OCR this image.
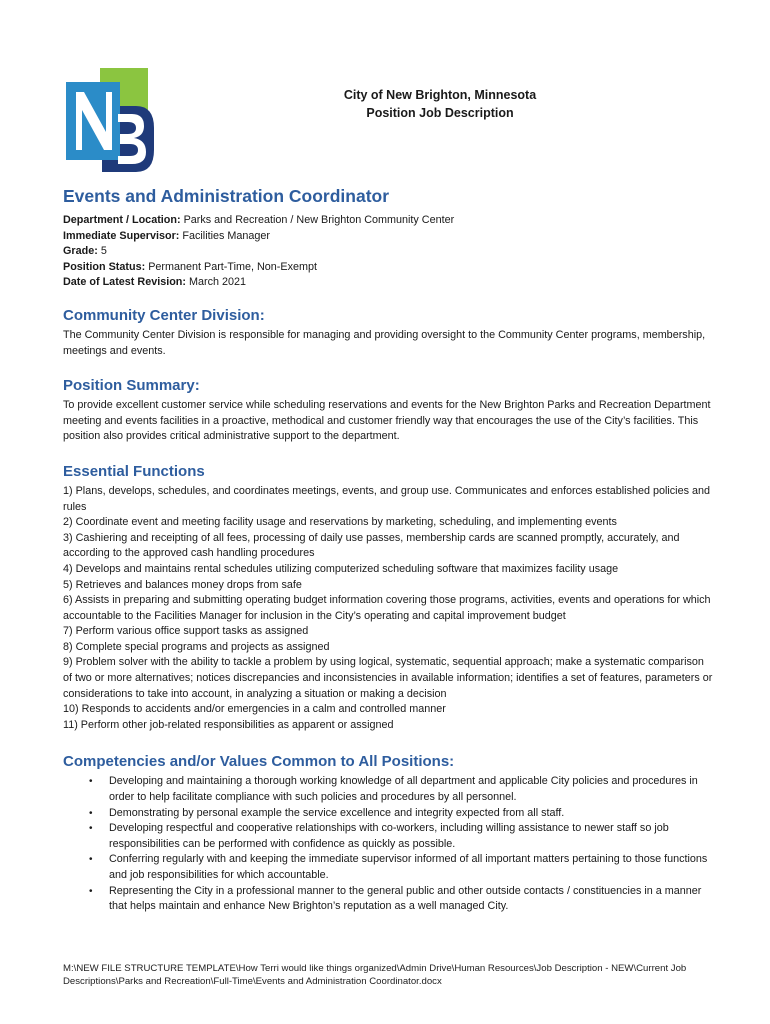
City of New Brighton, Minnesota
Position Job Description
Events and Administration Coordinator
Department / Location: Parks and Recreation / New Brighton Community Center
Immediate Supervisor: Facilities Manager
Grade: 5
Position Status: Permanent Part-Time, Non-Exempt
Date of Latest Revision: March 2021
Community Center Division:

The Community Center Division is responsible for managing and providing oversight to the Community Center programs, membership, meetings and events.

Position Summary:

To provide excellent customer service while scheduling reservations and events for the New Brighton Parks and Recreation Department meeting and events facilities in a proactive, methodical and customer friendly way that encourages the use of the City’s facilities. This position also provides critical administrative support to the department.

Essential Functions
1) Plans, develops, schedules, and coordinates meetings, events, and group use. Communicates and enforces established policies and rules
2) Coordinate event and meeting facility usage and reservations by marketing, scheduling, and implementing events
3) Cashiering and receipting of all fees, processing of daily use passes, membership cards are scanned promptly, accurately, and according to the approved cash handling procedures
4) Develops and maintains rental schedules utilizing computerized scheduling software that maximizes facility usage
5) Retrieves and balances money drops from safe
6) Assists in preparing and submitting operating budget information covering those programs, activities, events and operations for which accountable to the Facilities Manager for inclusion in the City’s operating and capital improvement budget
7) Perform various office support tasks as assigned
8) Complete special programs and projects as assigned
9) Problem solver with the ability to tackle a problem by using logical, systematic, sequential approach; make a systematic comparison of two or more alternatives; notices discrepancies and inconsistencies in available information; identifies a set of features, parameters or considerations to take into account, in analyzing a situation or making a decision
10) Responds to accidents and/or emergencies in a calm and controlled manner
11) Perform other job-related responsibilities as apparent or assigned
Competencies and/or Values Common to All Positions:
• Developing and maintaining a thorough working knowledge of all department and applicable City policies and procedures in order to help facilitate compliance with such policies and procedures by all personnel.
• Demonstrating by personal example the service excellence and integrity expected from all staff.
• Developing respectful and cooperative relationships with co-workers, including willing assistance to newer staff so job responsibilities can be performed with confidence as quickly as possible.
• Conferring regularly with and keeping the immediate supervisor informed of all important matters pertaining to those functions and job responsibilities for which accountable.
• Representing the City in a professional manner to the general public and other outside contacts / constituencies in a manner that helps maintain and enhance New Brighton’s reputation as a well managed City.
M:\NEW FILE STRUCTURE TEMPLATE\How Terri would like things organized\Admin Drive\Human Resources\Job Description - NEW\Current Job Descriptions\Parks and Recreation\Full-Time\Events and Administration Coordinator.docx
